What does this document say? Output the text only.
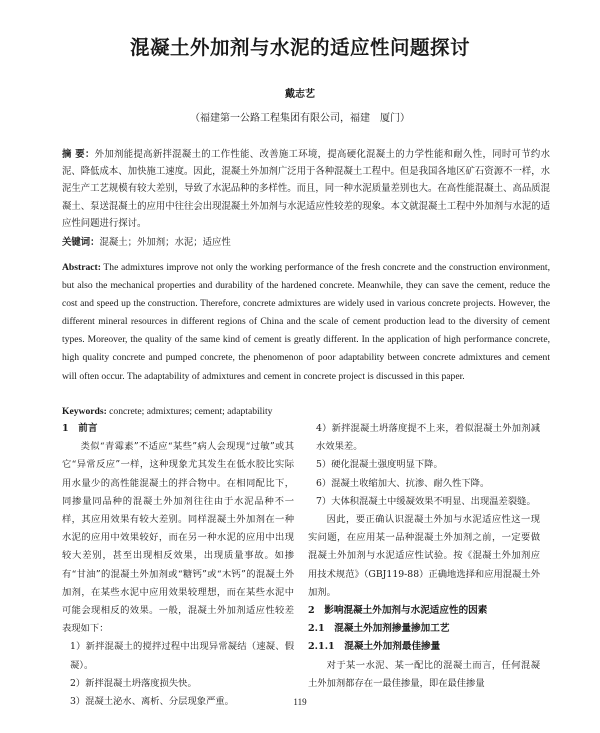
混凝土外加剂与水泥的适应性问题探讨
戴志艺
（福建第一公路工程集团有限公司，福建　厦门）
摘 要：外加剂能提高新拌混凝土的工作性能、改善施工环境，提高硬化混凝土的力学性能和耐久性，同时可节约水泥、降低成本、加快施工速度。因此，混凝土外加剂广泛用于各种混凝土工程中。但是我国各地区矿石资源不一样，水泥生产工艺规模有较大差别，导致了水泥品种的多样性。而且，同一种水泥质量差别也大。在高性能混凝土、高品质混凝土、泵送混凝土的应用中往往会出现混凝土外加剂与水泥适应性较差的现象。本文就混凝土工程中外加剂与水泥的适应性问题进行探讨。
关键词：混凝土；外加剂；水泥；适应性
Abstract: The admixtures improve not only the working performance of the fresh concrete and the construction environment, but also the mechanical properties and durability of the hardened concrete. Meanwhile, they can save the cement, reduce the cost and speed up the construction. Therefore, concrete admixtures are widely used in various concrete projects. However, the different mineral resources in different regions of China and the scale of cement production lead to the diversity of cement types. Moreover, the quality of the same kind of cement is greatly different. In the application of high performance concrete, high quality concrete and pumped concrete, the phenomenon of poor adaptability between concrete admixtures and cement will often occur. The adaptability of admixtures and cement in concrete project is discussed in this paper.
Keywords: concrete; admixtures; cement; adaptability

1　前言

类似“青霉素”不适应“某些”病人会现现“过敏”或其它“异常反应”一样，这种现象尤其发生在低水胶比实际用水量少的高性能混凝土的拌合物中。在相同配比下，同掺量同品种的混凝土外加剂往往由于水泥品种不一样，其应用效果有较大差别。同样混凝土外加剂在一种水泥的应用中效果较好，而在另一种水泥的应用中出现较大差别，甚至出现相反效果，出现质量事故。如掺有“甘油”的混凝土外加剂或“糖钙”或“木钙”的混凝土外加剂，在某些水泥中应用效果较理想，而在某些水泥中可能会现相反的效果。一般，混凝土外加剂适应性较差表现如下：

1）新拌混凝土的搅拌过程中出现异常凝结（速凝、假凝）。

2）新拌混凝土坍落度损失快。

3）混凝土泌水、离析、分层现象严重。

4）新拌混凝土坍落度提不上来，着似混凝土外加剂减水效果差。

5）硬化混凝土强度明显下降。

6）混凝土收缩加大、抗渗、耐久性下降。

7）大体积混凝土中缓凝效果不明显、出现温差裂缝。

因此，要正确认识混凝土外加与水泥适应性这一现实问题，在应用某一品种混凝土外加剂之前，一定要做混凝土外加剂与水泥适应性试验。按《混凝土外加剂应用技术规范》（GBJ119-88）正确地选择和应用混凝土外加剂。

2　影响混凝土外加剂与水泥适应性的因素

2.1　混凝土外加剂掺量掺加工艺

2.1.1　混凝土外加剂最佳掺量

对于某一水泥、某一配比的混凝土而言，任何混凝土外加剂都存在一最佳掺量，即在最佳掺量

119
